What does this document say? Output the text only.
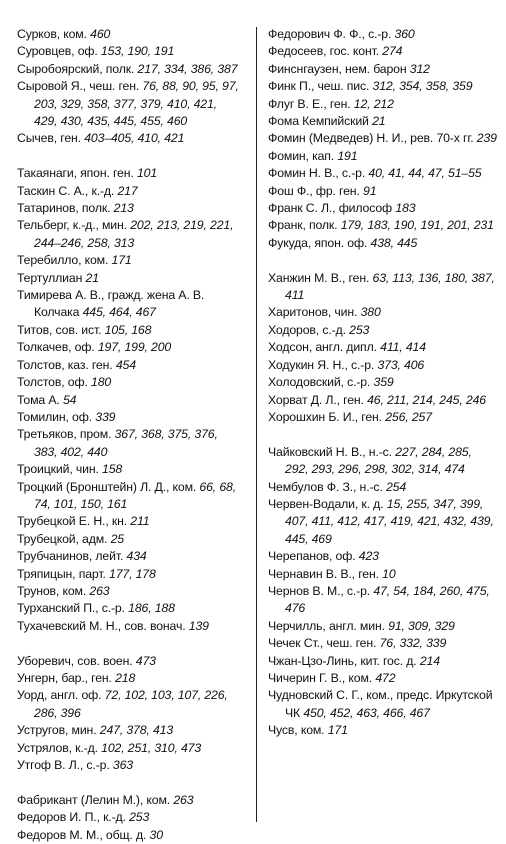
Сурков, ком. 460

Суровцев, оф. 153, 190, 191

Сыробоярский, полк. 217, 334, 386, 387

Сыровой Я., чеш. ген. 76, 88, 90, 95, 97, 203, 329, 358, 377, 379, 410, 421, 429, 430, 435, 445, 455, 460

Сычев, ген. 403–405, 410, 421

Такаянаги, япон. ген. 101

Таскин С. А., к.-д. 217

Татаринов, полк. 213

Тельберг, к.-д., мин. 202, 213, 219, 221, 244–246, 258, 313

Теребилло, ком. 171

Тертуллиан 21

Тимирева А. В., гражд. жена А. В. Колчака 445, 464, 467

Титов, сов. ист. 105, 168

Толкачев, оф. 197, 199, 200

Толстов, каз. ген. 454

Толстов, оф. 180

Тома А. 54

Томилин, оф. 339

Третьяков, пром. 367, 368, 375, 376, 383, 402, 440

Троицкий, чин. 158

Троцкий (Бронштейн) Л. Д., ком. 66, 68, 74, 101, 150, 161

Трубецкой Е. Н., кн. 211

Трубецкой, адм. 25

Трубчанинов, лейт. 434

Тряпицын, парт. 177, 178

Трунов, ком. 263

Турханский П., с.-р. 186, 188

Тухачевский М. Н., сов. вонач. 139

Уборевич, сов. воен. 473

Унгерн, бар., ген. 218

Уорд, англ. оф. 72, 102, 103, 107, 226, 286, 396

Устругов, мин. 247, 378, 413

Устрялов, к.-д. 102, 251, 310, 473

Утгоф В. Л., с.-р. 363

Фабрикант (Лелин М.), ком. 263

Федоров И. П., к.-д. 253

Федоров М. М., общ. д. 30

Федорович Ф. Ф., с.-р. 360

Федосеев, гос. конт. 274

Финснгаузен, нем. барон 312

Финк П., чеш. пис. 312, 354, 358, 359

Флуг В. Е., ген. 12, 212

Фома Кемпийский 21

Фомин (Медведев) Н. И., рев. 70-х гг. 239

Фомин, кап. 191

Фомин Н. В., с.-р. 40, 41, 44, 47, 51–55

Фош Ф., фр. ген. 91

Франк С. Л., философ 183

Франк, полк. 179, 183, 190, 191, 201, 231

Фукуда, япон. оф. 438, 445

Ханжин М. В., ген. 63, 113, 136, 180, 387, 411

Харитонов, чин. 380

Ходоров, с.-д. 253

Ходсон, англ. дипл. 411, 414

Ходукин Я. Н., с.-р. 373, 406

Холодовский, с.-р. 359

Хорват Д. Л., ген. 46, 211, 214, 245, 246

Хорошхин Б. И., ген. 256, 257

Чайковский Н. В., н.-с. 227, 284, 285, 292, 293, 296, 298, 302, 314, 474

Чембулов Ф. З., н.-с. 254

Червен-Водали, к. д. 15, 255, 347, 399, 407, 411, 412, 417, 419, 421, 432, 439, 445, 469

Черепанов, оф. 423

Чернавин В. В., ген. 10

Чернов В. М., с.-р. 47, 54, 184, 260, 475, 476

Черчилль, англ. мин. 91, 309, 329

Чечек Ст., чеш. ген. 76, 332, 339

Чжан-Цзо-Линь, кит. гос. д. 214

Чичерин Г. В., ком. 472

Чудновский С. Г., ком., предс. Иркутской ЧК 450, 452, 463, 466, 467

Чусв, ком. 171
